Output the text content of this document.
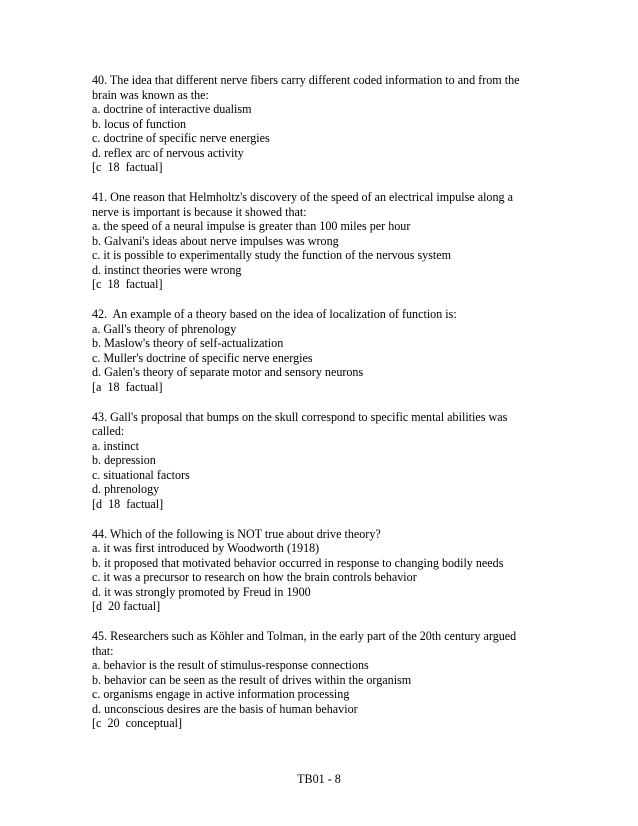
40. The idea that different nerve fibers carry different coded information to and from the
brain was known as the:
a. doctrine of interactive dualism
b. locus of function
c. doctrine of specific nerve energies
d. reflex arc of nervous activity
[c  18  factual]
41. One reason that Helmholtz's discovery of the speed of an electrical impulse along a
nerve is important is because it showed that:
a. the speed of a neural impulse is greater than 100 miles per hour
b. Galvani's ideas about nerve impulses was wrong
c. it is possible to experimentally study the function of the nervous system
d. instinct theories were wrong
[c  18  factual]
42.  An example of a theory based on the idea of localization of function is:
a. Gall's theory of phrenology
b. Maslow's theory of self-actualization
c. Muller's doctrine of specific nerve energies
d. Galen's theory of separate motor and sensory neurons
[a  18  factual]
43. Gall's proposal that bumps on the skull correspond to specific mental abilities was
called:
a. instinct
b. depression
c. situational factors
d. phrenology
[d  18  factual]
44. Which of the following is NOT true about drive theory?
a. it was first introduced by Woodworth (1918)
b. it proposed that motivated behavior occurred in response to changing bodily needs
c. it was a precursor to research on how the brain controls behavior
d. it was strongly promoted by Freud in 1900
[d  20 factual]
45. Researchers such as Köhler and Tolman, in the early part of the 20th century argued
that:
a. behavior is the result of stimulus-response connections
b. behavior can be seen as the result of drives within the organism
c. organisms engage in active information processing
d. unconscious desires are the basis of human behavior
[c  20  conceptual]
TB01 - 8
